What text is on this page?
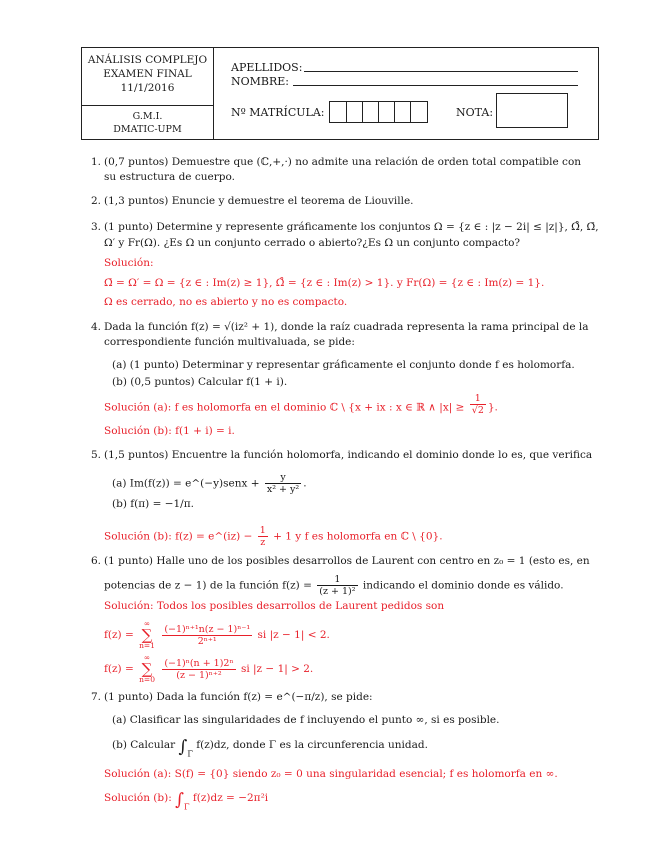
ANÁLISIS COMPLEJO
EXAMEN FINAL
11/1/2016
G.M.I.
DMATIC-UPM
APELLIDOS:
NOMBRE:
Nº MATRÍCULA:	NOTA:
1. (0,7 puntos) Demuestre que (ℂ,+,·) no admite una relación de orden total compatible con
su estructura de cuerpo.
2. (1,3 puntos) Enuncie y demuestre el teorema de Liouville.
3. (1 punto) Determine y represente gráficamente los conjuntos Ω = {z ∈ : |z − 2i| ≤ |z|}, Ω̊, Ω̄,
Ω′ y Fr(Ω). ¿Es Ω un conjunto cerrado o abierto?¿Es Ω un conjunto compacto?
Solución:
Ω̄ = Ω′ = Ω = {z ∈ : Im(z) ≥ 1}, Ω̊ = {z ∈ : Im(z) > 1}. y Fr(Ω) = {z ∈ : Im(z) = 1}.
Ω es cerrado, no es abierto y no es compacto.
4. Dada la función f(z) = √(iz² + 1), donde la raíz cuadrada representa la rama principal de la
correspondiente función multivaluada, se pide:
(a) (1 punto) Determinar y representar gráficamente el conjunto donde f es holomorfa.
(b) (0,5 puntos) Calcular f(1 + i).
Solución (a): f es holomorfa en el dominio ℂ \ {x + ix : x ∈ ℝ ∧ $|x| \ge \frac{1}{√2}$ }.
Solución (b): f(1 + i) = i.
5. (1,5 puntos) Encuentre la función holomorfa, indicando el dominio donde lo es, que verifica
(a) Im(f(z)) = e^(−y)senx + $\frac{y}{\text{x² + y²}}$ .
(b) f(π) = −1/π.
Solución (b): f(z) = e^(iz) − $\frac{1}{z} + 1$ y f es holomorfa en ℂ \ {0}.
6. (1 punto) Halle uno de los posibles desarrollos de Laurent con centro en z₀ = 1 (esto es, en
potencias de z − 1) de la función $f(z) = \frac{1}{\text{(z + 1)²}}$ indicando el dominio donde es válido.
Solución: Todos los posibles desarrollos de Laurent pedidos son
f(z) =
∞
∑
n=1
$\frac{\text{(−1)ⁿ⁺¹n(z − 1)ⁿ⁻¹}}{\text{2ⁿ⁺¹}}$ si |z − 1| < 2.
f(z) =
∞
∑
n=0
$\frac{\text{(−1)ⁿ(n + 1)2ⁿ}}{\text{(z − 1)ⁿ⁺²}}$ si |z − 1| > 2.
7. (1 punto) Dada la función f(z) = e^(−π/z), se pide:
(a) Clasificar las singularidades de f incluyendo el punto ∞, si es posible.
(b) Calcular $\int_\Gamma$ f(z)dz, donde Γ es la circunferencia unidad.
Solución (a): S(f) = {0} siendo z₀ = 0 una singularidad esencial; f es holomorfa en ∞.
Solución (b): $\int_\Gamma$ f(z)dz = −2π²i
